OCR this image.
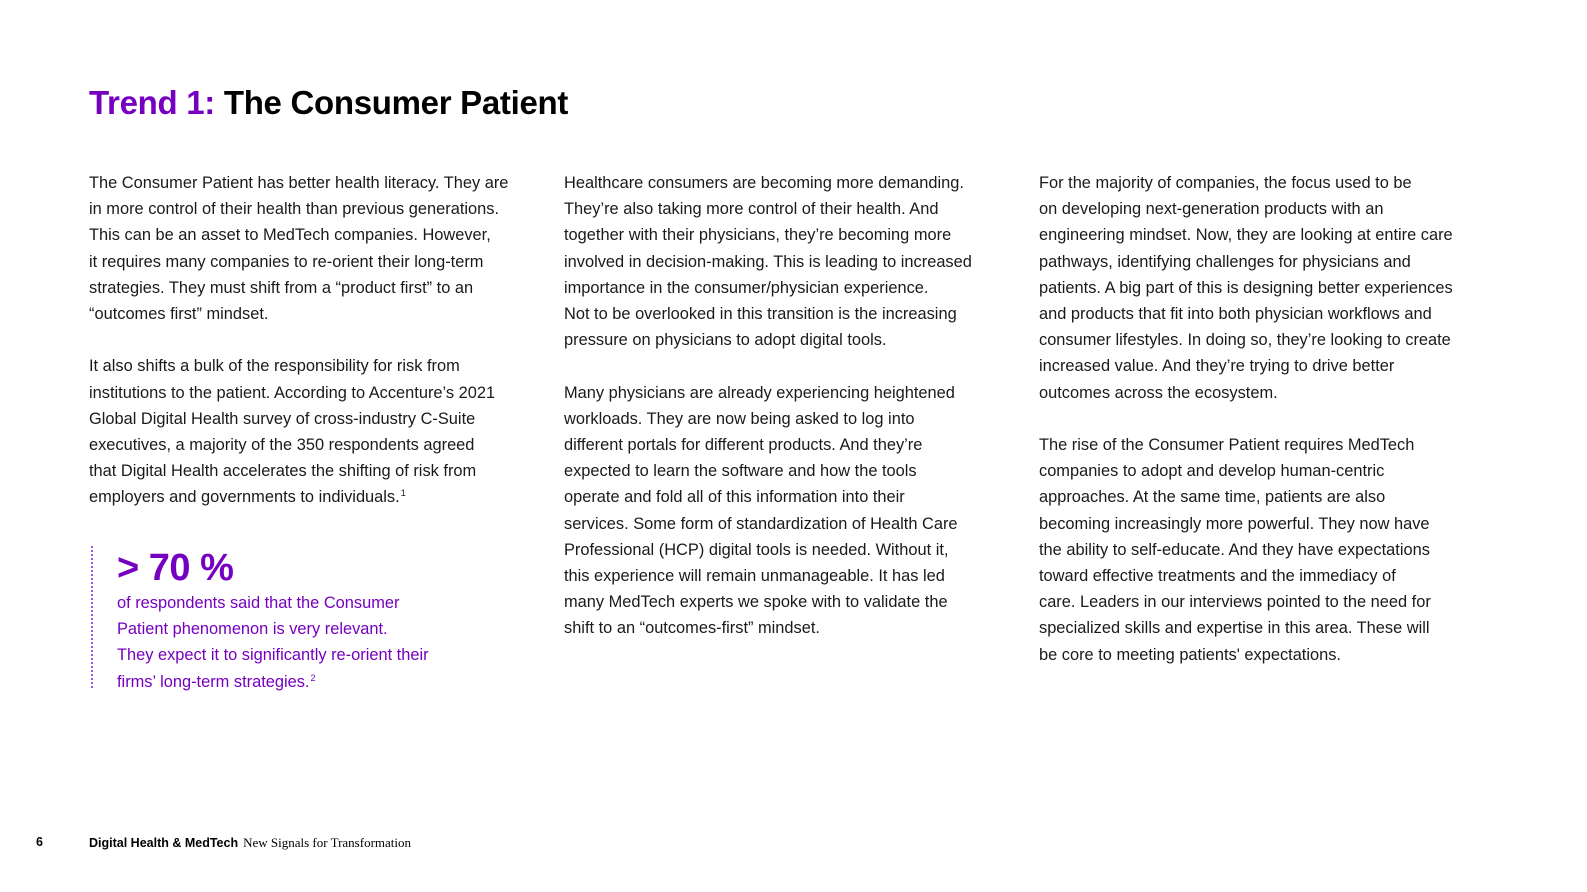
Trend 1: The Consumer Patient

The Consumer Patient has better health literacy. They are
in more control of their health than previous generations.
This can be an asset to MedTech companies. However,
it requires many companies to re-orient their long-term
strategies. They must shift from a “product first” to an
“outcomes first” mindset.

It also shifts a bulk of the responsibility for risk from
institutions to the patient. According to Accenture’s 2021
Global Digital Health survey of cross-industry C-Suite
executives, a majority of the 350 respondents agreed
that Digital Health accelerates the shifting of risk from
employers and governments to individuals.$^1$

> 70 %

of respondents said that the Consumer
Patient phenomenon is very relevant.
They expect it to significantly re-orient their
firms’ long-term strategies.$^2$

Healthcare consumers are becoming more demanding.
They’re also taking more control of their health. And
together with their physicians, they’re becoming more
involved in decision-making. This is leading to increased
importance in the consumer/physician experience.
Not to be overlooked in this transition is the increasing
pressure on physicians to adopt digital tools.

Many physicians are already experiencing heightened
workloads. They are now being asked to log into
different portals for different products. And they’re
expected to learn the software and how the tools
operate and fold all of this information into their
services. Some form of standardization of Health Care
Professional (HCP) digital tools is needed. Without it,
this experience will remain unmanageable. It has led
many MedTech experts we spoke with to validate the
shift to an “outcomes-first” mindset.

For the majority of companies, the focus used to be
on developing next-generation products with an
engineering mindset. Now, they are looking at entire care
pathways, identifying challenges for physicians and
patients. A big part of this is designing better experiences
and products that fit into both physician workflows and
consumer lifestyles. In doing so, they’re looking to create
increased value. And they’re trying to drive better
outcomes across the ecosystem.

The rise of the Consumer Patient requires MedTech
companies to adopt and develop human-centric
approaches. At the same time, patients are also
becoming increasingly more powerful. They now have
the ability to self-educate. And they have expectations
toward effective treatments and the immediacy of
care. Leaders in our interviews pointed to the need for
specialized skills and expertise in this area. These will
be core to meeting patients' expectations.

6	Digital Health & MedTech New Signals for Transformation
